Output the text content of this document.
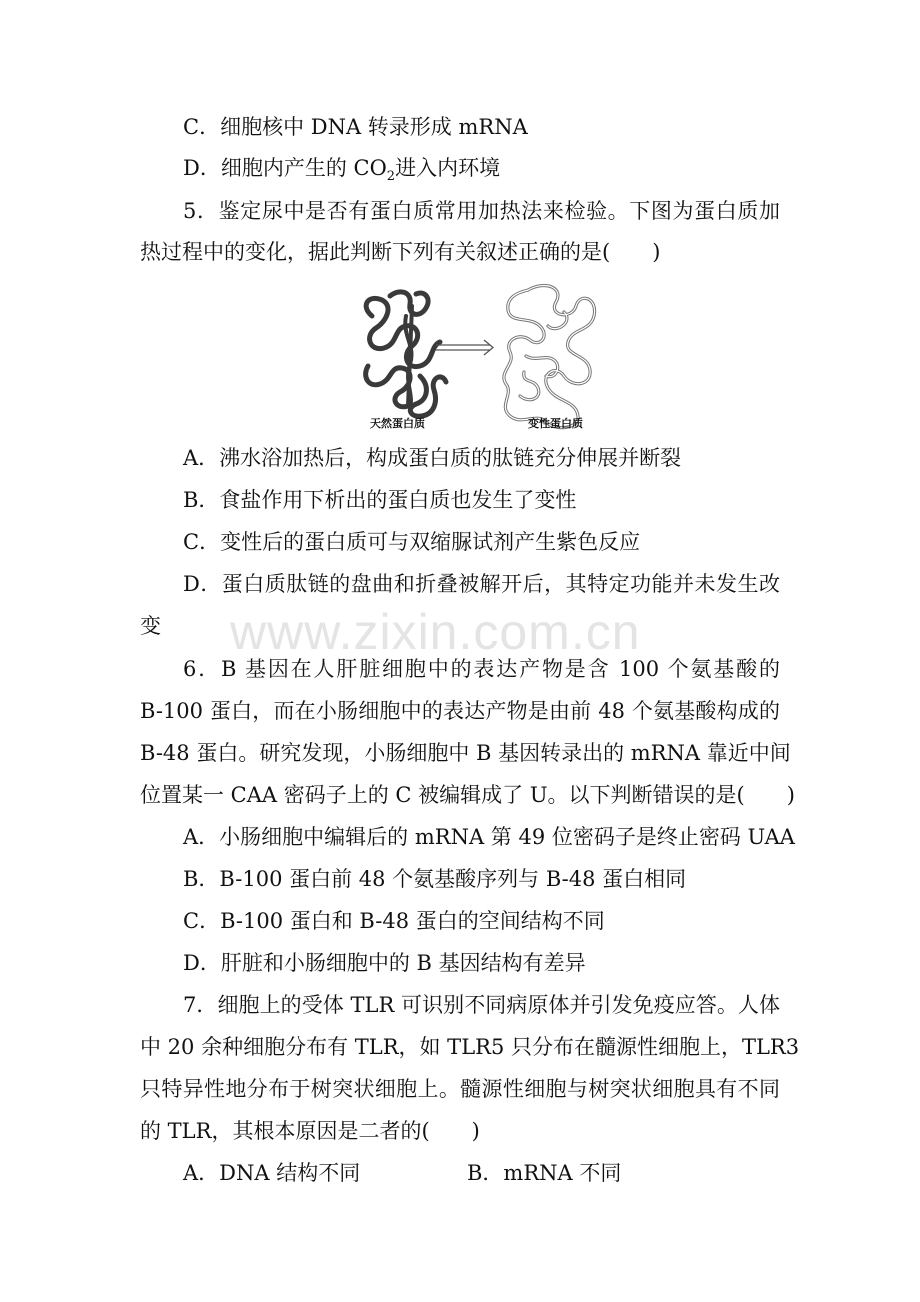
C．细胞核中 DNA 转录形成 mRNA
D．细胞内产生的 $CO_2$进入内环境
5．鉴定尿中是否有蛋白质常用加热法来检验。下图为蛋白质加
热过程中的变化，据此判断下列有关叙述正确的是(　　)
天然蛋白质	变性蛋白质
A．沸水浴加热后，构成蛋白质的肽链充分伸展并断裂
B．食盐作用下析出的蛋白质也发生了变性
C．变性后的蛋白质可与双缩脲试剂产生紫色反应
D．蛋白质肽链的盘曲和折叠被解开后，其特定功能并未发生改
变 www.zixin.com.cn
6．B 基因在人肝脏细胞中的表达产物是含 100 个氨基酸的
B-100 蛋白，而在小肠细胞中的表达产物是由前 48 个氨基酸构成的
B-48 蛋白。研究发现，小肠细胞中 B 基因转录出的 mRNA 靠近中间
位置某一 CAA 密码子上的 C 被编辑成了 U。以下判断错误的是(　　)
A．小肠细胞中编辑后的 mRNA 第 49 位密码子是终止密码 UAA
B．B-100 蛋白前 48 个氨基酸序列与 B-48 蛋白相同
C．B-100 蛋白和 B-48 蛋白的空间结构不同
D．肝脏和小肠细胞中的 B 基因结构有差异
7．细胞上的受体 TLR 可识别不同病原体并引发免疫应答。人体
中 20 余种细胞分布有 TLR，如 TLR5 只分布在髓源性细胞上，TLR3
只特异性地分布于树突状细胞上。髓源性细胞与树突状细胞具有不同
的 TLR，其根本原因是二者的(　　)
A．DNA 结构不同	B．mRNA 不同
